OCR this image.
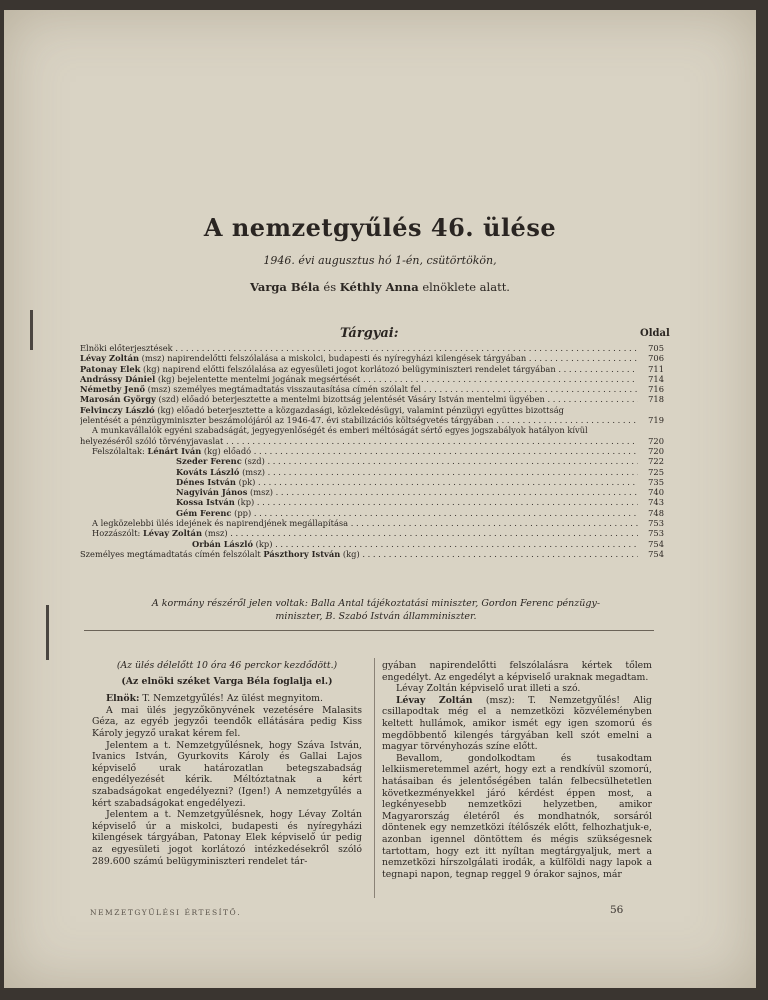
A nemzetgyűlés 46. ülése
1946. évi augusztus hó 1-én, csütörtökön,
Varga Béla és Kéthly Anna elnöklete alatt.
Tárgyai:	Oldal
Elnöki előterjesztések . . .	705
Lévay Zoltán (msz) napirendelőtti felszólalása a miskolci, budapesti és nyíregyházi kilengések tárgyában . . .	706
Patonay Elek (kg) napirend előtti felszólalása az egyesületi jogot korlátozó belügyminiszteri rendelet tárgyában . . .	711
Andrássy Dániel (kg) bejelentette mentelmi jogának megsértését . . .	714
Németby Jenő (msz) személyes megtámadtatás visszautasítása címén szólalt fel . . .	716
Marosán György (szd) előadó beterjesztette a mentelmi bizottság jelentését Vásáry István mentelmi ügyében . . .	718
Felvinczy László (kg) előadó beterjesztette a közgazdasági, közlekedésügyi, valamint pénzügyi együttes bizottság
jelentését a pénzügyminiszter beszámolójáról az 1946-47. évi stabilizációs költségvetés tárgyában . . .	719
A munkavállalók egyéni szabadságát, jegyegyenlőségét és emberi méltóságát sértő egyes jogszabályok hatályon kívül
helyezéséről szóló törvényjavaslat . . .	720
Felszólaltak: Lénárt Iván (kg) előadó . . .	720
Szeder Ferenc (szd) . . .	722
Kováts László (msz) . . .	725
Dénes István (pk) . . .	735
Nagyiván János (msz) . . .	740
Kossa István (kp) . . .	743
Gém Ferenc (pp) . . .	748
A legközelebbi ülés idejének és napirendjének megállapítása . . .	753
Hozzászólt: Lévay Zoltán (msz) . . .	753
Orbán László (kp) . . .	754
Személyes megtámadtatás címén felszólalt Pászthory István (kg) . . .	754
A kormány részéről jelen voltak: Balla Antal tájékoztatási miniszter, Gordon Ferenc pénzügy-
miniszter, B. Szabó István államminiszter.

(Az ülés délelőtt 10 óra 46 perckor kezdődött.)

(Az elnöki széket Varga Béla foglalja el.)

Elnök: T. Nemzetgyűlés! Az ülést megnyitom.

A mai ülés jegyzőkönyvének vezetésére Malasits Géza, az egyéb jegyzői teendők ellátására pedig Kiss Károly jegyző urakat kérem fel.

Jelentem a t. Nemzetgyűlésnek, hogy Száva István, Ivanics István, Gyurkovits Károly és Gallai Lajos képviselő urak határozatlan betegszabadság engedélyezését kérik. Méltóztatnak a kért szabadságokat engedélyezni? (Igen!) A nemzetgyűlés a kért szabadságokat engedélyezi.

Jelentem a t. Nemzetgyűlésnek, hogy Lévay Zoltán képviselő úr a miskolci, budapesti és nyíregyházi kilengések tárgyában, Patonay Elek képviselő úr pedig az egyesületi jogot korlátozó intézkedésekről szóló 289.600 számú belügyminiszteri rendelet tár-

gyában napirendelőtti felszólalásra kértek tőlem engedélyt. Az engedélyt a képviselő uraknak megadtam.

Lévay Zoltán képviselő urat illeti a szó.

Lévay Zoltán (msz): T. Nemzetgyűlés! Alig csillapodtak még el a nemzetközi közvéleményben keltett hullámok, amikor ismét egy igen szomorú és megdöbbentő kilengés tárgyában kell szót emelni a magyar törvényhozás színe előtt.

Bevallom, gondolkodtam és tusakodtam lelkiismeretemmel azért, hogy ezt a rendkívül szomorú, hatásaiban és jelentőségében talán felbecsülhetetlen következményekkel járó kérdést éppen most, a legkényesebb nemzetközi helyzetben, amikor Magyarország életéről és mondhatnók, sorsáról döntenek egy nemzetközi ítélőszék előtt, felhozhatjuk-e, azonban igennel döntöttem és mégis szükségesnek tartottam, hogy ezt itt nyíltan megtárgyaljuk, mert a nemzetközi hírszolgálati irodák, a külföldi nagy lapok a tegnapi napon, tegnap reggel 9 órakor sajnos, már

NEMZETGYŰLÉSI ÉRTESÍTŐ.	56
